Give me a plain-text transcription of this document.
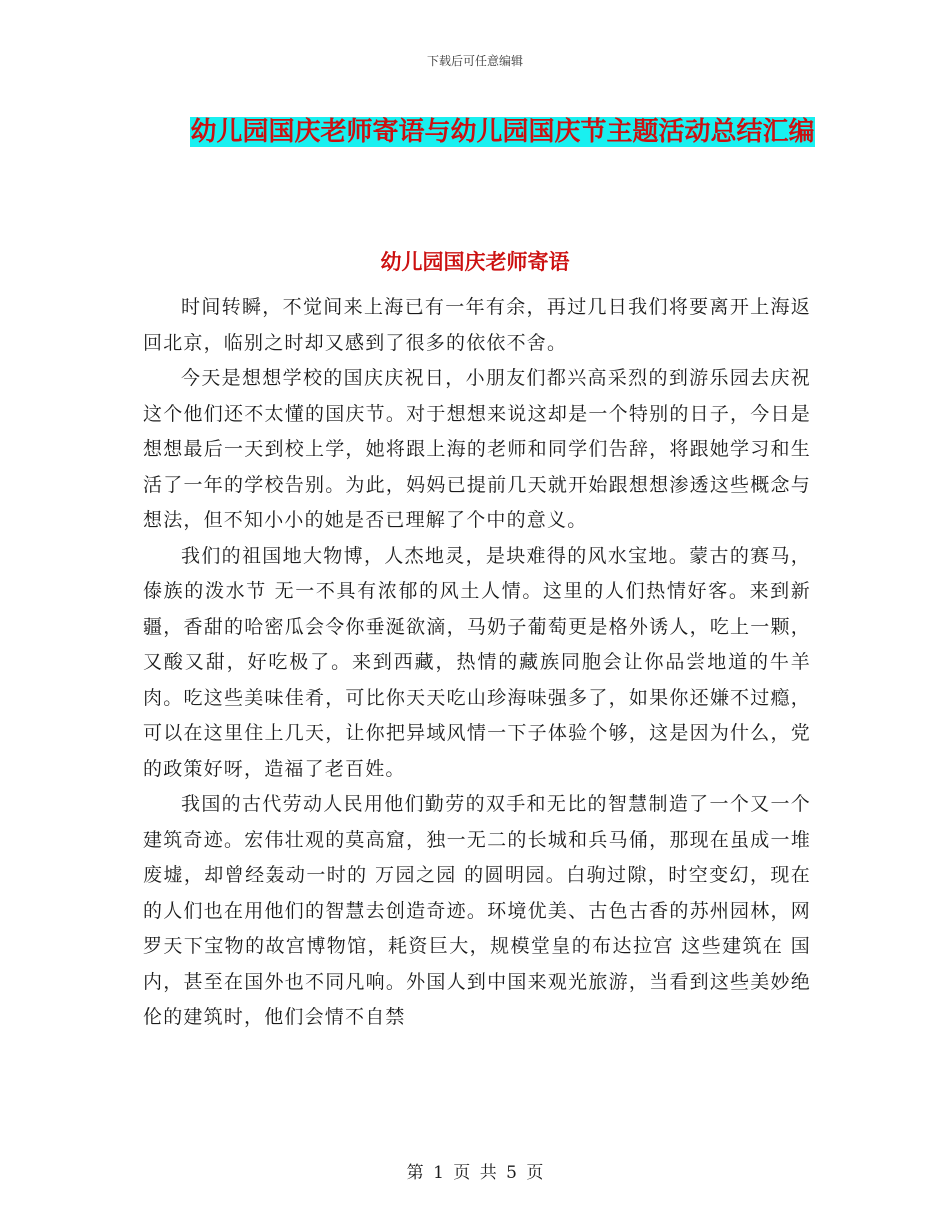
下载后可任意编辑
幼儿园国庆老师寄语与幼儿园国庆节主题活动总结汇编
幼儿园国庆老师寄语

时间转瞬，不觉间来上海已有一年有余，再过几日我们将要离开上海返回北京，临别之时却又感到了很多的依依不舍。

今天是想想学校的国庆庆祝日，小朋友们都兴高采烈的到游乐园去庆祝这个他们还不太懂的国庆节。对于想想来说这却是一个特别的日子，今日是想想最后一天到校上学，她将跟上海的老师和同学们告辞，将跟她学习和生活了一年的学校告别。为此，妈妈已提前几天就开始跟想想渗透这些概念与想法，但不知小小的她是否已理解了个中的意义。

我们的祖国地大物博，人杰地灵，是块难得的风水宝地。蒙古的赛马，傣族的泼水节 无一不具有浓郁的风土人情。这里的人们热情好客。来到新疆，香甜的哈密瓜会令你垂涎欲滴，马奶子葡萄更是格外诱人，吃上一颗，又酸又甜，好吃极了。来到西藏，热情的藏族同胞会让你品尝地道的牛羊肉。吃这些美味佳肴，可比你天天吃山珍海味强多了，如果你还嫌不过瘾，可以在这里住上几天，让你把异域风情一下子体验个够，这是因为什么，党的政策好呀，造福了老百姓。

我国的古代劳动人民用他们勤劳的双手和无比的智慧制造了一个又一个建筑奇迹。宏伟壮观的莫高窟，独一无二的长城和兵马俑，那现在虽成一堆废墟，却曾经轰动一时的 万园之园 的圆明园。白驹过隙，时空变幻，现在的人们也在用他们的智慧去创造奇迹。环境优美、古色古香的苏州园林，网罗天下宝物的故宫博物馆，耗资巨大，规模堂皇的布达拉宫 这些建筑在 国内，甚至在国外也不同凡响。外国人到中国来观光旅游，当看到这些美妙绝伦的建筑时，他们会情不自禁

第 1 页 共 5 页
